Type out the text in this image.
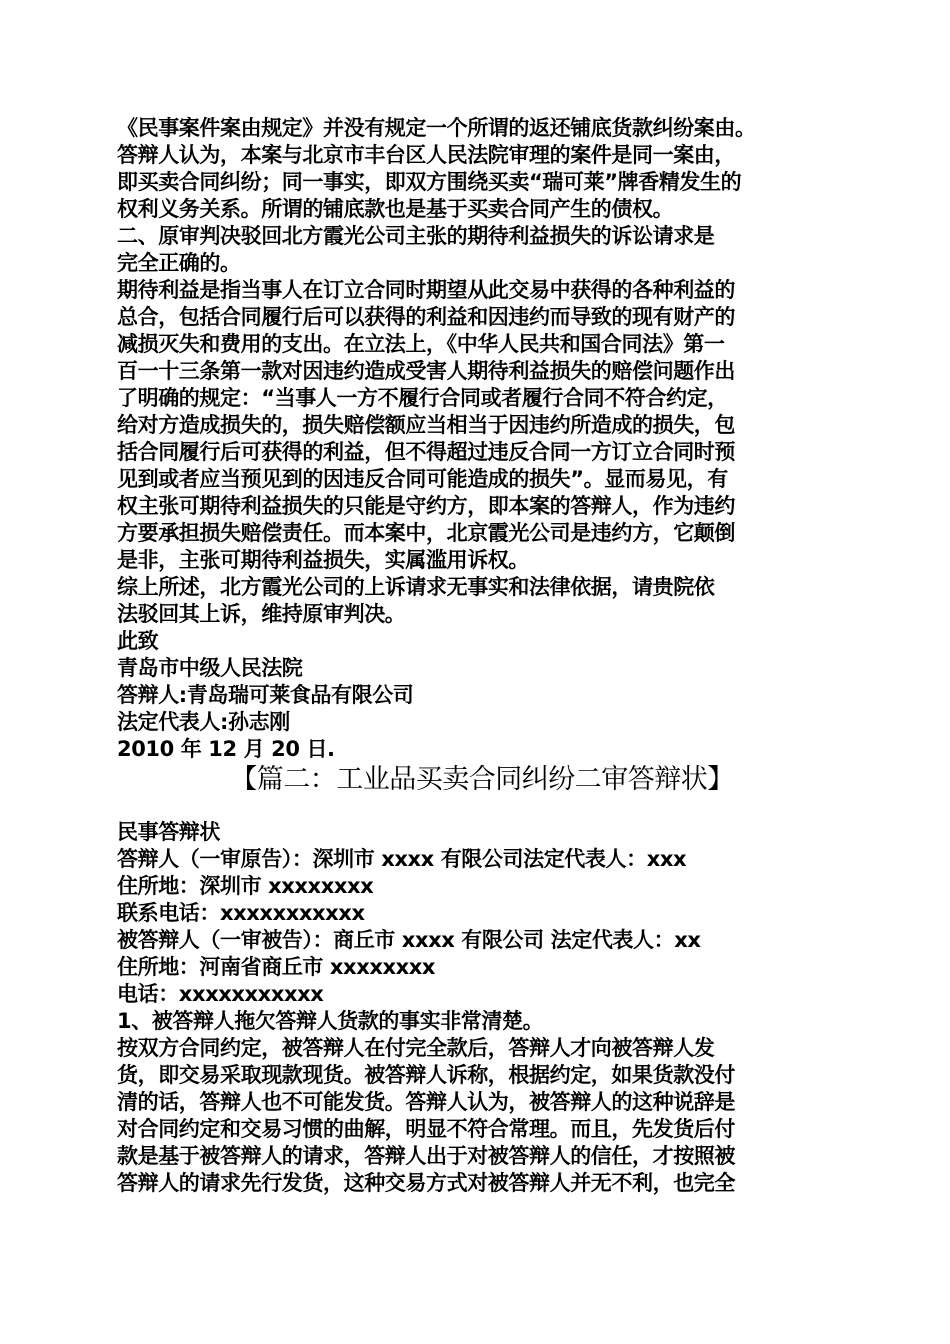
《民事案件案由规定》并没有规定一个所谓的返还铺底货款纠纷案由。
答辩人认为，本案与北京市丰台区人民法院审理的案件是同一案由，
即买卖合同纠纷；同一事实，即双方围绕买卖“瑞可莱”牌香精发生的
权利义务关系。所谓的铺底款也是基于买卖合同产生的债权。
二、原审判决驳回北方霞光公司主张的期待利益损失的诉讼请求是
完全正确的。
期待利益是指当事人在订立合同时期望从此交易中获得的各种利益的
总合，包括合同履行后可以获得的利益和因违约而导致的现有财产的
减损灭失和费用的支出。在立法上，《中华人民共和国合同法》第一
百一十三条第一款对因违约造成受害人期待利益损失的赔偿问题作出
了明确的规定：“当事人一方不履行合同或者履行合同不符合约定，
给对方造成损失的，损失赔偿额应当相当于因违约所造成的损失，包
括合同履行后可获得的利益，但不得超过违反合同一方订立合同时预
见到或者应当预见到的因违反合同可能造成的损失”。显而易见，有
权主张可期待利益损失的只能是守约方，即本案的答辩人，作为违约
方要承担损失赔偿责任。而本案中，北京霞光公司是违约方，它颠倒
是非，主张可期待利益损失，实属滥用诉权。
综上所述，北方霞光公司的上诉请求无事实和法律依据，请贵院依
法驳回其上诉，维持原审判决。
此致
青岛市中级人民法院
答辩人:青岛瑞可莱食品有限公司
法定代表人:孙志刚
2010 年 12 月 20 日.
【篇二：工业品买卖合同纠纷二审答辩状】
民事答辩状
答辩人（一审原告）：深圳市 xxxx 有限公司法定代表人：xxx
住所地：深圳市 xxxxxxxx
联系电话：xxxxxxxxxxx
被答辩人（一审被告）：商丘市 xxxx 有限公司 法定代表人：xx
住所地：河南省商丘市 xxxxxxxx
电话：xxxxxxxxxxx
1、被答辩人拖欠答辩人货款的事实非常清楚。
按双方合同约定，被答辩人在付完全款后，答辩人才向被答辩人发
货，即交易采取现款现货。被答辩人诉称，根据约定，如果货款没付
清的话，答辩人也不可能发货。答辩人认为，被答辩人的这种说辞是
对合同约定和交易习惯的曲解，明显不符合常理。而且，先发货后付
款是基于被答辩人的请求，答辩人出于对被答辩人的信任，才按照被
答辩人的请求先行发货，这种交易方式对被答辩人并无不利，也完全
